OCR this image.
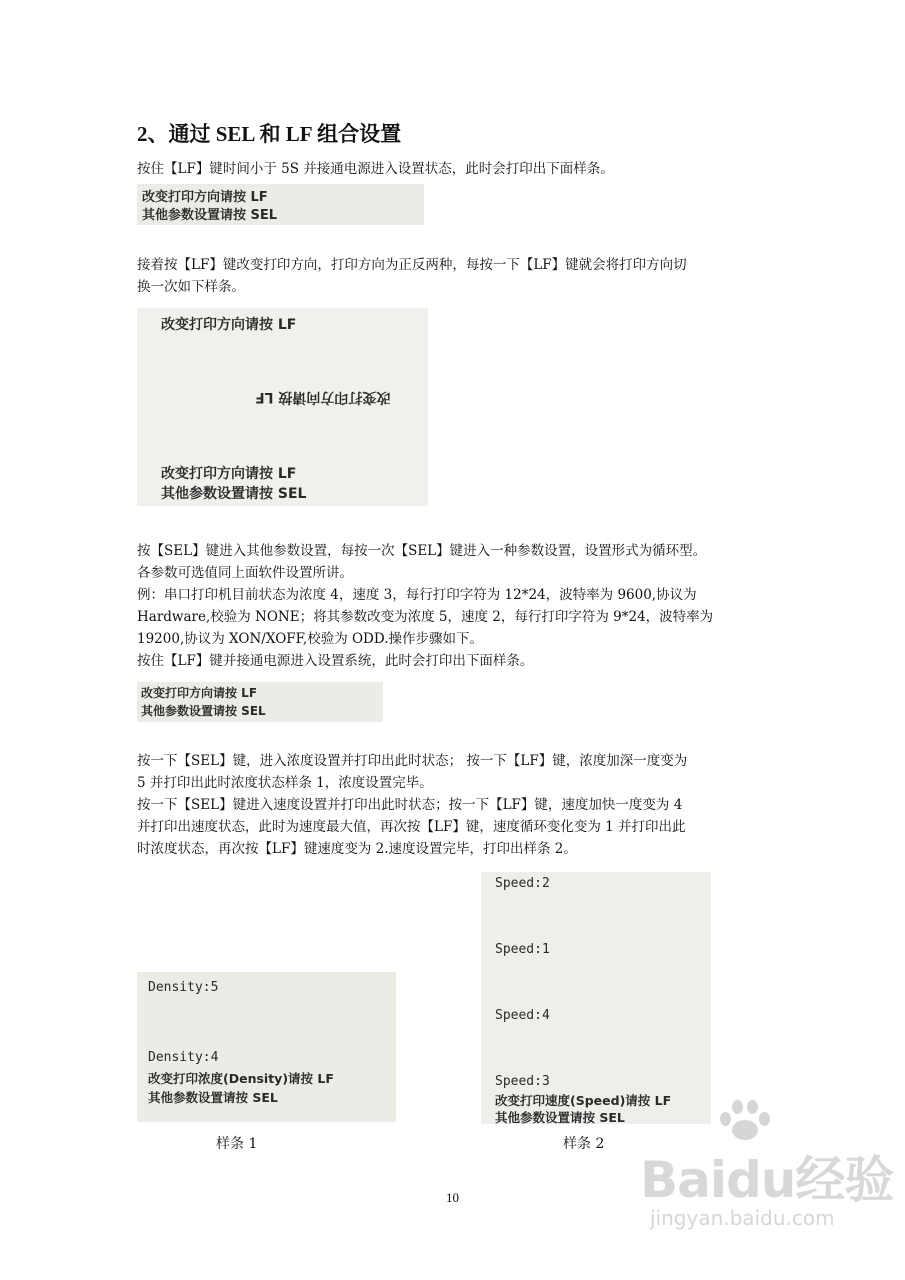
2、通过 SEL 和 LF 组合设置
按住【LF】键时间小于 5S 并接通电源进入设置状态，此时会打印出下面样条。
改变打印方向请按 LF
其他参数设置请按 SEL
接着按【LF】键改变打印方向，打印方向为正反两种，每按一下【LF】键就会将打印方向切
换一次如下样条。
改变打印方向请按 LF
改变打印方向请按 LF
改变打印方向请按 LF
其他参数设置请按 SEL
按【SEL】键进入其他参数设置，每按一次【SEL】键进入一种参数设置，设置形式为循环型。
各参数可选值同上面软件设置所讲。
例：串口打印机目前状态为浓度 4，速度 3，每行打印字符为 12*24，波特率为 9600,协议为
Hardware,校验为 NONE；将其参数改变为浓度 5，速度 2，每行打印字符为 9*24，波特率为
19200,协议为 XON/XOFF,校验为 ODD.操作步骤如下。
按住【LF】键并接通电源进入设置系统，此时会打印出下面样条。
改变打印方向请按 LF
其他参数设置请按 SEL
按一下【SEL】键，进入浓度设置并打印出此时状态； 按一下【LF】键，浓度加深一度变为
5 并打印出此时浓度状态样条 1，浓度设置完毕。
按一下【SEL】键进入速度设置并打印出此时状态；按一下【LF】键，速度加快一度变为 4
并打印出速度状态，此时为速度最大值，再次按【LF】键，速度循环变化变为 1 并打印出此
时浓度状态，再次按【LF】键速度变为 2.速度设置完毕，打印出样条 2。
Density:5
Density:4
改变打印浓度(Density)请按 LF
其他参数设置请按 SEL
样条 1
Speed:2
Speed:1
Speed:4
Speed:3
改变打印速度(Speed)请按 LF
其他参数设置请按 SEL
样条 2
10	Baidu经验
jingyan.baidu.com
